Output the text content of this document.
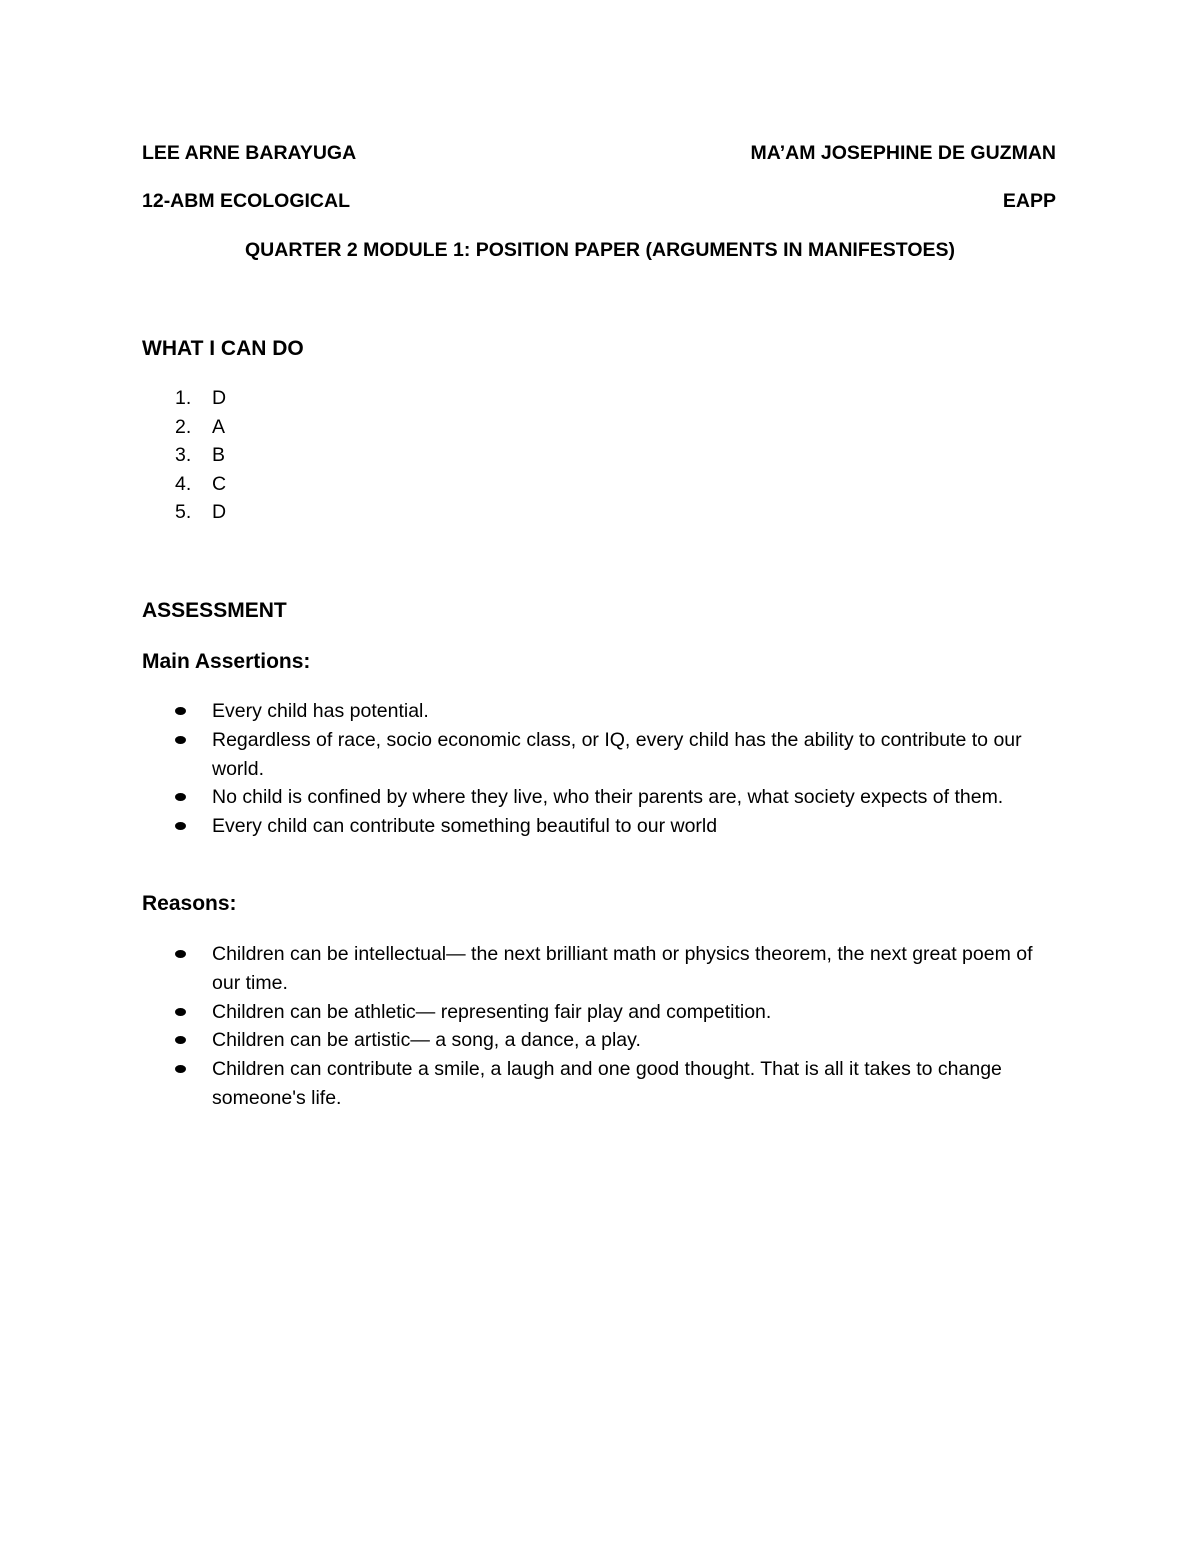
LEE ARNE BARAYUGA	MA’AM JOSEPHINE DE GUZMAN
12-ABM ECOLOGICAL	EAPP
QUARTER 2 MODULE 1: POSITION PAPER (ARGUMENTS IN MANIFESTOES)
WHAT I CAN DO
1.	D
2.	A
3.	B
4.	C
5.	D
ASSESSMENT
Main Assertions:
Every child has potential.
Regardless of race, socio economic class, or IQ, every child has the ability to contribute to our world.
No child is confined by where they live, who their parents are, what society expects of them.
Every child can contribute something beautiful to our world
Reasons:
Children can be intellectual— the next brilliant math or physics theorem, the next great poem of our time.
Children can be athletic— representing fair play and competition.
Children can be artistic— a song, a dance, a play.
Children can contribute a smile, a laugh and one good thought. That is all it takes to change someone's life.
